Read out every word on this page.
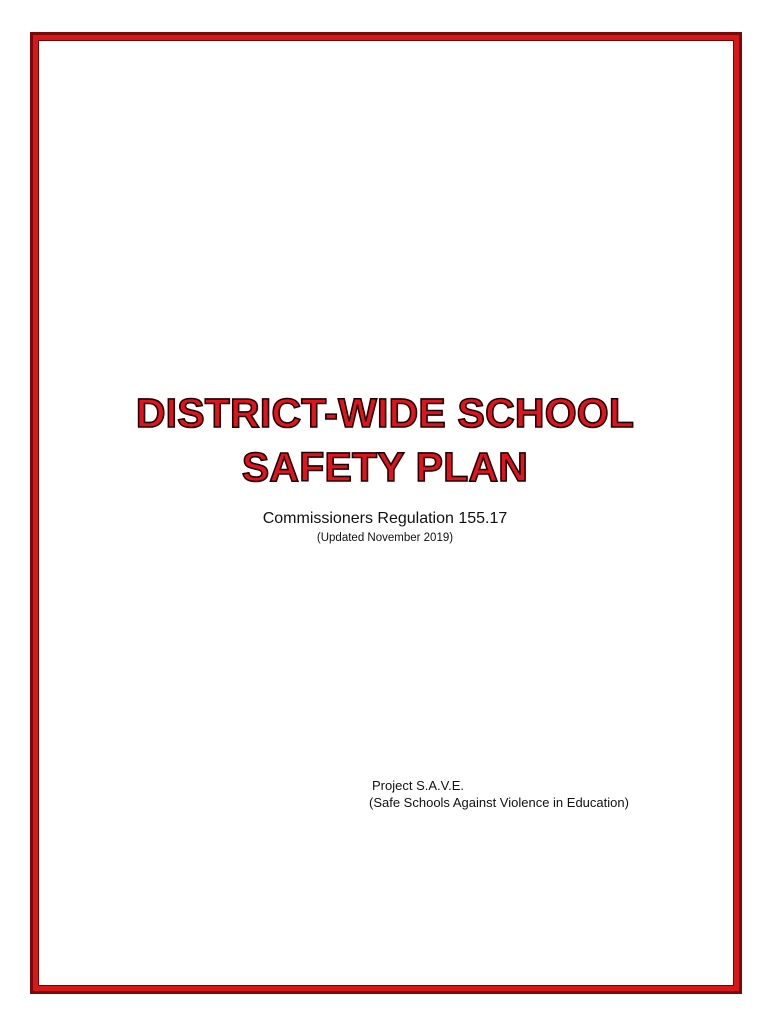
DISTRICT-WIDE SCHOOL
SAFETY PLAN
Commissioners Regulation 155.17
(Updated November 2019)
Project S.A.V.E.
(Safe Schools Against Violence in Education)
